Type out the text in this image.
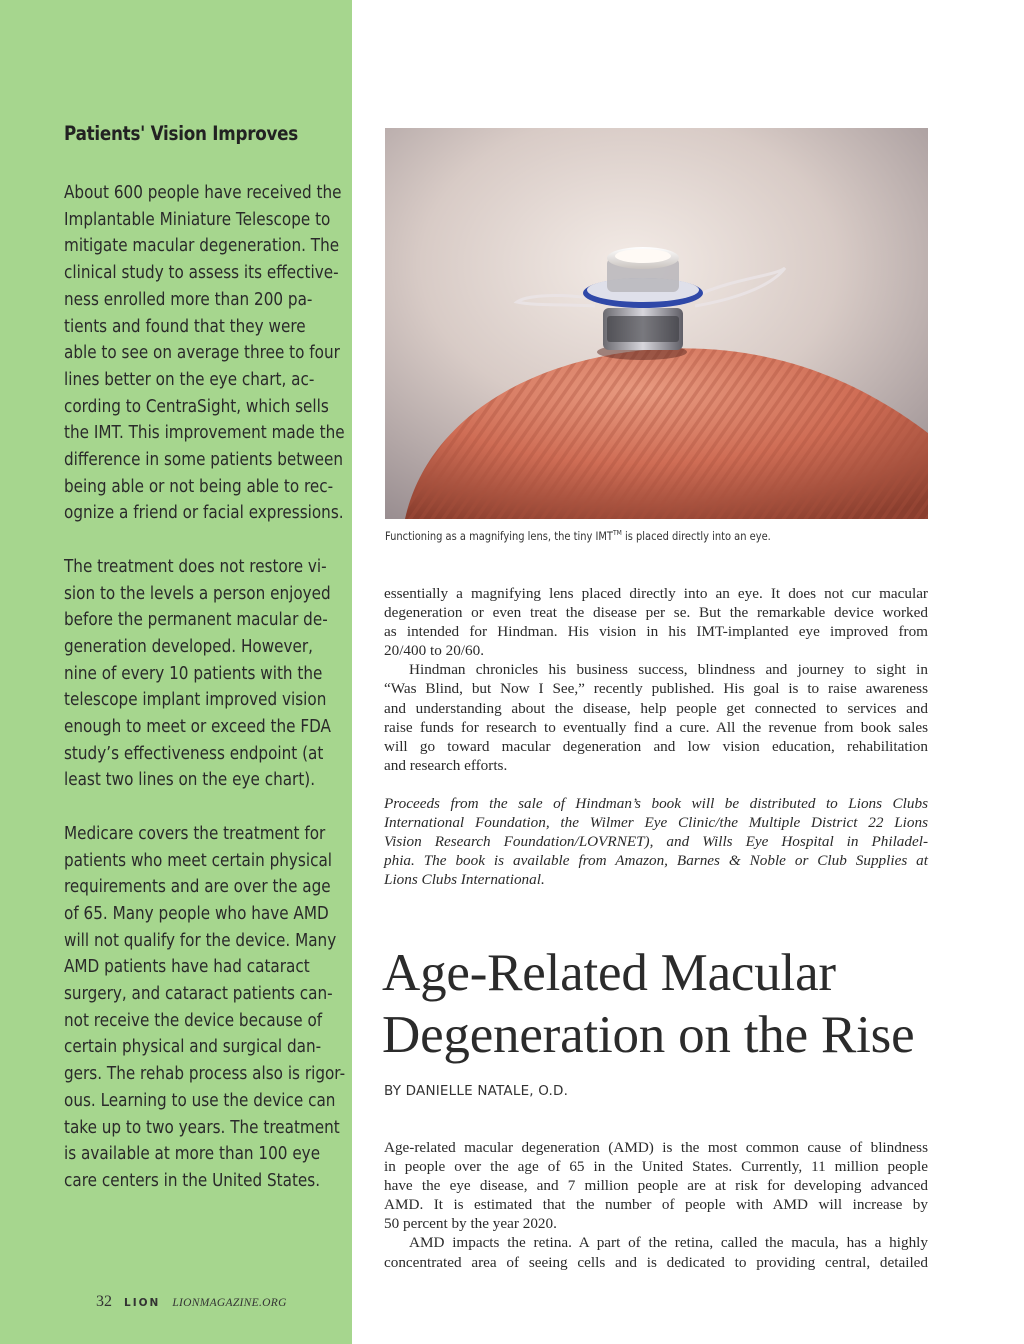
Patients' Vision Improves

About 600 people have received the
Implantable Miniature Telescope to
mitigate macular degeneration. The
clinical study to assess its effective-
ness enrolled more than 200 pa-
tients and found that they were
able to see on average three to four
lines better on the eye chart, ac-
cording to CentraSight, which sells
the IMT. This improvement made the
difference in some patients between
being able or not being able to rec-
ognize a friend or facial expressions.

The treatment does not restore vi-
sion to the levels a person enjoyed
before the permanent macular de-
generation developed. However,
nine of every 10 patients with the
telescope implant improved vision
enough to meet or exceed the FDA
study’s effectiveness endpoint (at
least two lines on the eye chart).

Medicare covers the treatment for
patients who meet certain physical
requirements and are over the age
of 65. Many people who have AMD
will not qualify for the device. Many
AMD patients have had cataract
surgery, and cataract patients can-
not receive the device because of
certain physical and surgical dan-
gers. The rehab process also is rigor-
ous. Learning to use the device can
take up to two years. The treatment
is available at more than 100 eye
care centers in the United States.

32 LION LIONMAGAZINE.ORG
Functioning as a magnifying lens, the tiny IMT™ is placed directly into an eye.

essentially a magnifying lens placed directly into an eye. It does not cur macular
degeneration or even treat the disease per se. But the remarkable device worked
as intended for Hindman. His vision in his IMT-implanted eye improved from
20/400 to 20/60.

Hindman chronicles his business success, blindness and journey to sight in
“Was Blind, but Now I See,” recently published. His goal is to raise awareness
and understanding about the disease, help people get connected to services and
raise funds for research to eventually find a cure. All the revenue from book sales
will go toward macular degeneration and low vision education, rehabilitation
and research efforts.

Proceeds from the sale of Hindman’s book will be distributed to Lions Clubs
International Foundation, the Wilmer Eye Clinic/the Multiple District 22 Lions
Vision Research Foundation/LOVRNET), and Wills Eye Hospital in Philadel-
phia. The book is available from Amazon, Barnes & Noble or Club Supplies at
Lions Clubs International.

Age-Related Macular
Degeneration on the Rise
BY DANIELLE NATALE, O.D.

Age-related macular degeneration (AMD) is the most common cause of blindness
in people over the age of 65 in the United States. Currently, 11 million people
have the eye disease, and 7 million people are at risk for developing advanced
AMD. It is estimated that the number of people with AMD will increase by
50 percent by the year 2020.

AMD impacts the retina. A part of the retina, called the macula, has a highly
concentrated area of seeing cells and is dedicated to providing central, detailed
